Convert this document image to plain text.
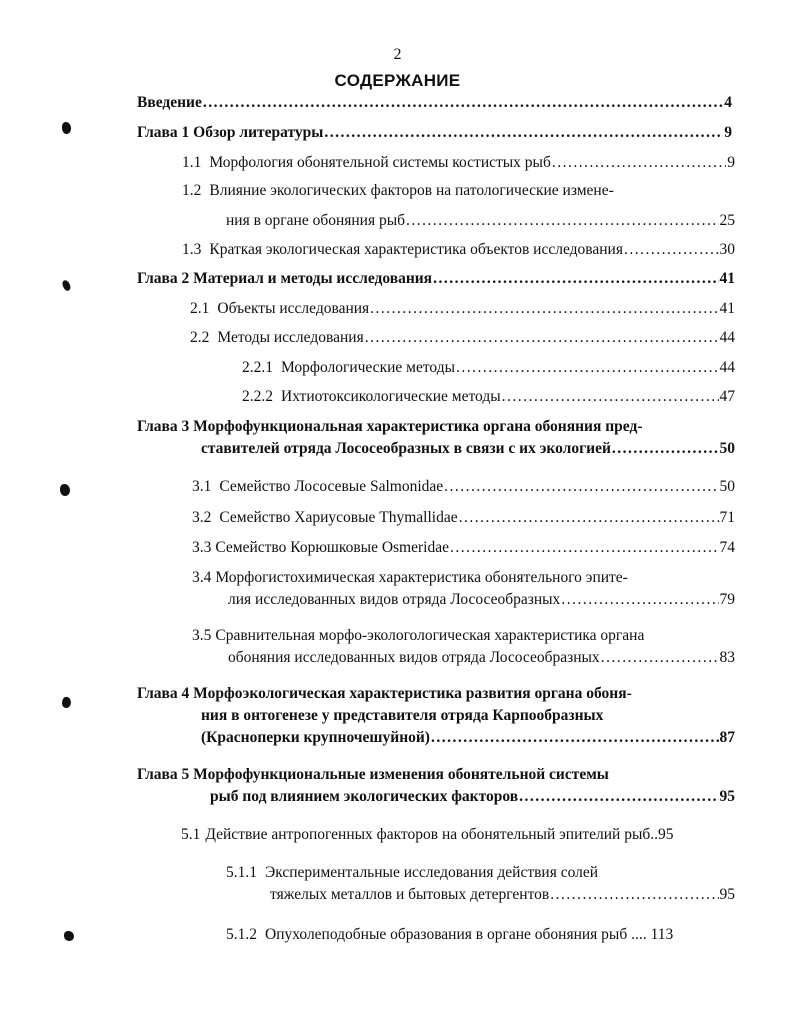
2
СОДЕРЖАНИЕ
Введение .....	4
Глава 1 Обзор литературы .....	9
1.1 Морфология обонятельной системы костистых рыб .....	9
1.2 Влияние экологических факторов на патологические измене-
ния в органе обоняния рыб .....	25
1.3 Краткая экологическая характеристика объектов исследования .....	30
Глава 2 Материал и методы исследования .....	41
2.1 Объекты исследования .....	41
2.2 Методы исследования .....	44
2.2.1 Морфологические методы .....	44
2.2.2 Ихтиотоксикологические методы .....	47
Глава 3 Морфофункциональная характеристика органа обоняния пред-
ставителей отряда Лососеобразных в связи с их экологией .....	50
3.1 Семейство Лососевые Salmonidae .....	50
3.2 Семейство Хариусовые Thymallidae .....	71
3.3 Семейство Корюшковые Osmeridae .....	74
3.4 Морфогистохимическая характеристика обонятельного эпите-
лия исследованных видов отряда Лососеобразных .....	79
3.5 Сравнительная морфо-экологологическая характеристика органа
обоняния исследованных видов отряда Лососеобразных .....	83
Глава 4 Морфоэкологическая характеристика развития органа обоня-
ния в онтогенезе у представителя отряда Карпообразных
(Красноперки крупночешуйной) .....	87
Глава 5 Морфофункциональные изменения обонятельной системы
рыб под влиянием экологических факторов .....	95
5.1 Действие антропогенных факторов на обонятельный эпителий рыб..95
5.1.1 Экспериментальные исследования действия солей
тяжелых металлов и бытовых детергентов .....	95
5.1.2 Опухолеподобные образования в органе обоняния рыб .... 113
